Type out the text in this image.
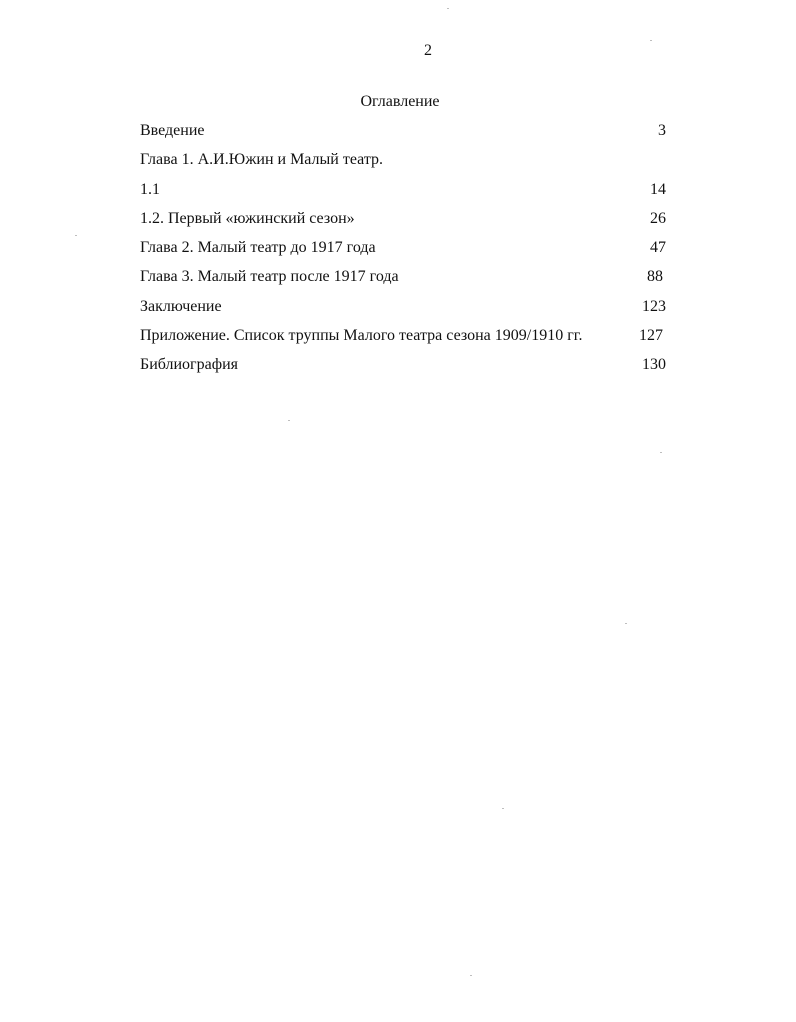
2
Оглавление
Введение	3
Глава 1. А.И.Южин и Малый театр.
1.1	14
1.2. Первый «южинский сезон»	26
Глава 2. Малый театр до 1917 года	47
Глава 3. Малый театр после 1917 года	88
Заключение	123
Приложение. Список труппы Малого театра сезона 1909/1910 гг.	127
Библиография	130
